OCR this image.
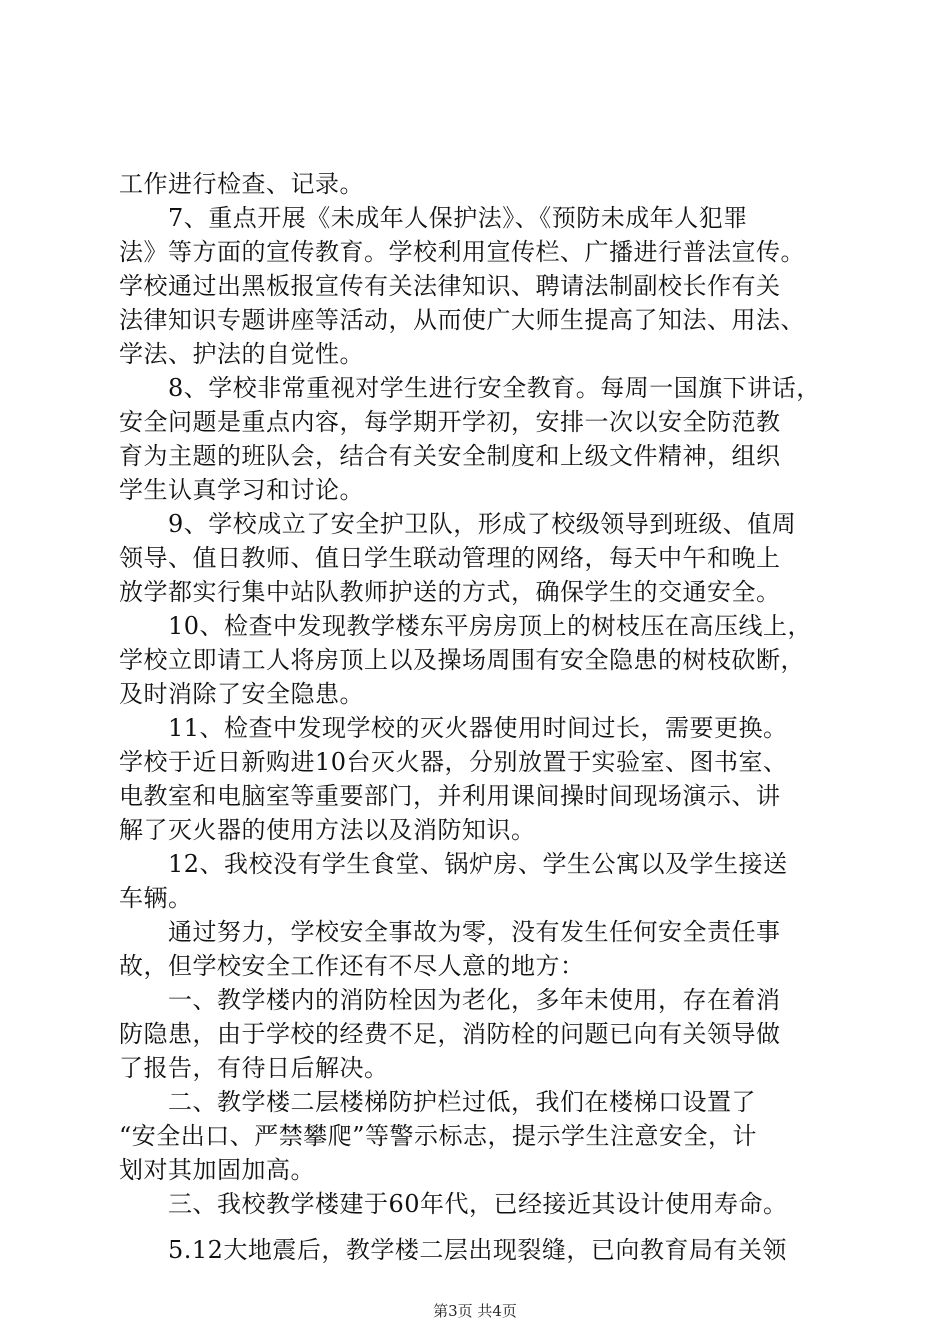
工作进行检查、记录。
　　7、重点开展《未成年人保护法》、《预防未成年人犯罪
法》等方面的宣传教育。学校利用宣传栏、广播进行普法宣传。
学校通过出黑板报宣传有关法律知识、聘请法制副校长作有关
法律知识专题讲座等活动，从而使广大师生提高了知法、用法、
学法、护法的自觉性。
　　8、学校非常重视对学生进行安全教育。每周一国旗下讲话，
安全问题是重点内容，每学期开学初，安排一次以安全防范教
育为主题的班队会，结合有关安全制度和上级文件精神，组织
学生认真学习和讨论。
　　9、学校成立了安全护卫队，形成了校级领导到班级、值周
领导、值日教师、值日学生联动管理的网络，每天中午和晚上
放学都实行集中站队教师护送的方式，确保学生的交通安全。
　　10、检查中发现教学楼东平房房顶上的树枝压在高压线上，
学校立即请工人将房顶上以及操场周围有安全隐患的树枝砍断，
及时消除了安全隐患。
　　11、检查中发现学校的灭火器使用时间过长，需要更换。
学校于近日新购进10台灭火器，分别放置于实验室、图书室、
电教室和电脑室等重要部门，并利用课间操时间现场演示、讲
解了灭火器的使用方法以及消防知识。
　　12、我校没有学生食堂、锅炉房、学生公寓以及学生接送
车辆。
　　通过努力，学校安全事故为零，没有发生任何安全责任事
故，但学校安全工作还有不尽人意的地方：
　　一、教学楼内的消防栓因为老化，多年未使用，存在着消
防隐患，由于学校的经费不足，消防栓的问题已向有关领导做
了报告，有待日后解决。
　　二、教学楼二层楼梯防护栏过低，我们在楼梯口设置了
“安全出口、严禁攀爬”等警示标志，提示学生注意安全，计
划对其加固加高。
　　三、我校教学楼建于60年代，已经接近其设计使用寿命。
　　5.12大地震后，教学楼二层出现裂缝，已向教育局有关领
第3页 共4页
